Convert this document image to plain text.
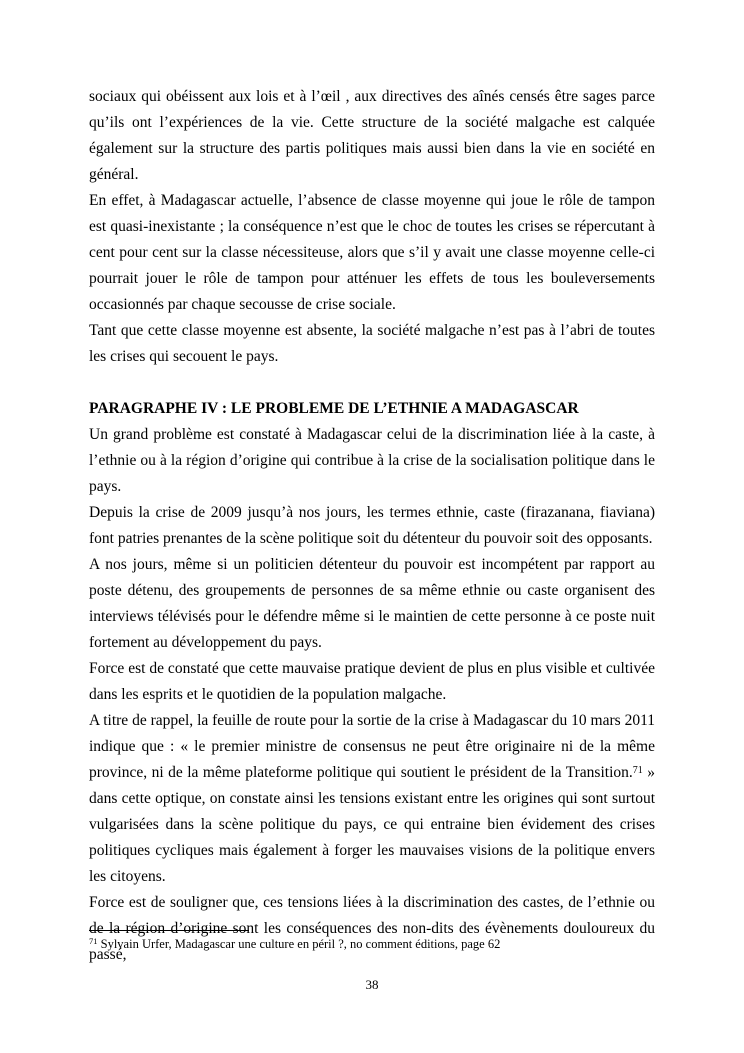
sociaux qui obéissent aux lois et à l’œil , aux directives des aînés censés être sages parce qu’ils ont l’expériences de la vie. Cette structure de la société malgache est calquée également sur la structure des partis politiques mais aussi bien dans la vie en société en général.

En effet, à Madagascar actuelle, l’absence de classe moyenne qui joue le rôle de tampon est quasi-inexistante ; la conséquence n’est que le choc de toutes les crises se répercutant à cent pour cent sur la classe nécessiteuse, alors que s’il y avait une classe moyenne celle-ci pourrait jouer le rôle de tampon pour atténuer les effets de tous les bouleversements occasionnés par chaque secousse de crise sociale.

Tant que cette classe moyenne est absente, la société malgache n’est pas à l’abri de toutes les crises qui secouent le pays.

PARAGRAPHE IV : LE PROBLEME DE L’ETHNIE A MADAGASCAR

Un grand problème est constaté à Madagascar celui de la discrimination liée à la caste, à l’ethnie ou à la région d’origine qui contribue à la crise de la socialisation politique dans le pays.

Depuis la crise de 2009 jusqu’à nos jours, les termes ethnie, caste (firazanana, fiaviana) font patries prenantes de la scène politique soit du détenteur du pouvoir soit des opposants.

A nos jours, même si un politicien détenteur du pouvoir est incompétent par rapport au poste détenu, des groupements de personnes de sa même ethnie ou caste organisent des interviews télévisés pour le défendre même si le maintien de cette personne à ce poste nuit fortement au développement du pays.

Force est de constaté que cette mauvaise pratique devient de plus en plus visible et cultivée dans les esprits et le quotidien de la population malgache.

A titre de rappel, la feuille de route pour la sortie de la crise à Madagascar du 10 mars 2011 indique que : « le premier ministre de consensus ne peut être originaire ni de la même province, ni de la même plateforme politique qui soutient le président de la Transition.$^{71}$ » dans cette optique, on constate ainsi les tensions existant entre les origines qui sont surtout vulgarisées dans la scène politique du pays, ce qui entraine bien évidement des crises politiques cycliques mais également à forger les mauvaises visions de la politique envers les citoyens.

Force est de souligner que, ces tensions liées à la discrimination des castes, de l’ethnie ou de la région d’origine sont les conséquences des non-dits des évènements douloureux du passé,

$^{71}$ Sylvain Urfer, Madagascar une culture en péril ?, no comment éditions, page 62
38
